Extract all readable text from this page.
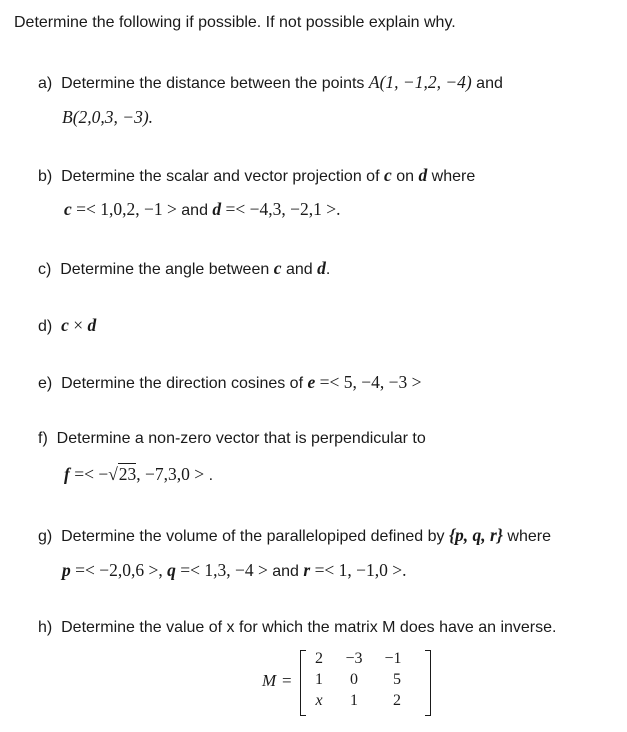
Determine the following if possible. If not possible explain why.
a) Determine the distance between the points A(1, −1,2, −4) and
B(2,0,3, −3).
b) Determine the scalar and vector projection of c on d where
c =< 1,0,2, −1 > and d =< −4,3, −2,1 >.
c) Determine the angle between c and d.
d) c × d
e) Determine the direction cosines of e =< 5, −4, −3 >
f) Determine a non-zero vector that is perpendicular to
f =< −√23, −7,3,0 > .
g) Determine the volume of the parallelopiped defined by {p, q, r} where
p =< −2,0,6 >, q =< 1,3, −4 > and r =< 1, −1,0 >.
h) Determine the value of x for which the matrix M does have an inverse.
M =
2	−3	−1
1	0	5
x	1	2
